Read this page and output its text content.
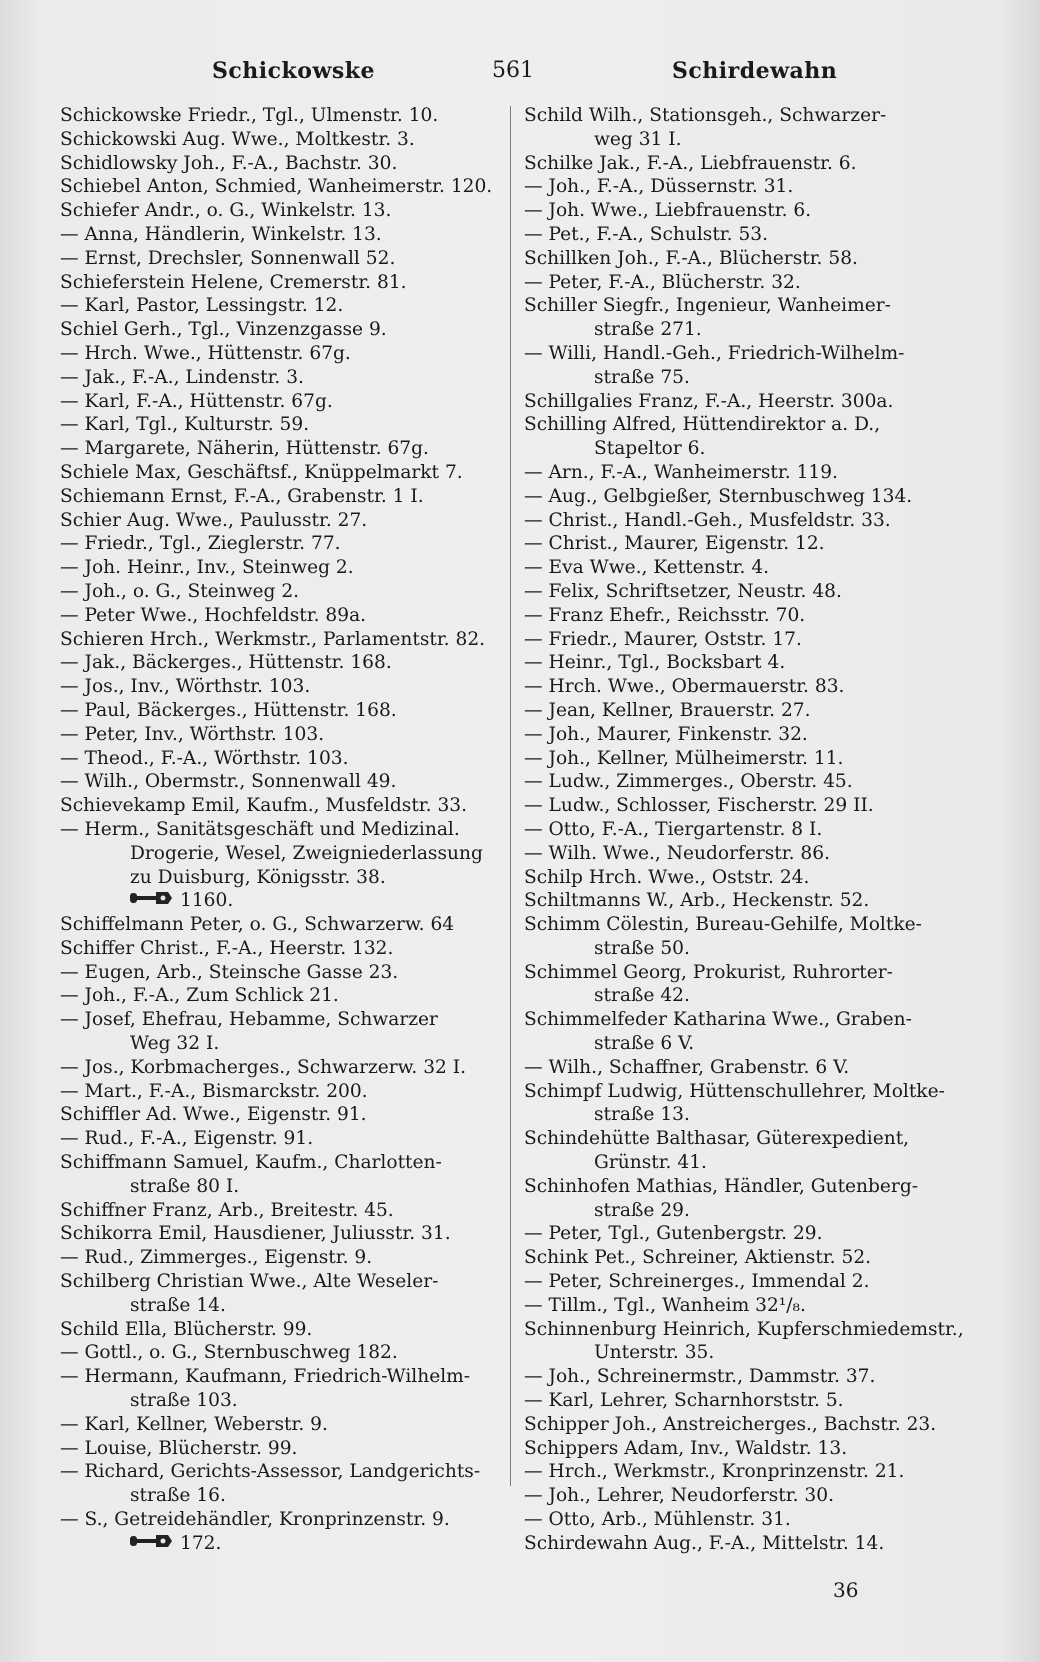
Schickowske	561	Schirdewahn
Schickowske Friedr., Tgl., Ulmenstr. 10.
Schickowski Aug. Wwe., Moltkestr. 3.
Schidlowsky Joh., F.-A., Bachstr. 30.
Schiebel Anton, Schmied, Wanheimerstr. 120.
Schiefer Andr., o. G., Winkelstr. 13.
— Anna, Händlerin, Winkelstr. 13.
— Ernst, Drechsler, Sonnenwall 52.
Schieferstein Helene, Cremerstr. 81.
— Karl, Pastor, Lessingstr. 12.
Schiel Gerh., Tgl., Vinzenzgasse 9.
— Hrch. Wwe., Hüttenstr. 67g.
— Jak., F.-A., Lindenstr. 3.
— Karl, F.-A., Hüttenstr. 67g.
— Karl, Tgl., Kulturstr. 59.
— Margarete, Näherin, Hüttenstr. 67g.
Schiele Max, Geschäftsf., Knüppelmarkt 7.
Schiemann Ernst, F.-A., Grabenstr. 1 I.
Schier Aug. Wwe., Paulusstr. 27.
— Friedr., Tgl., Zieglerstr. 77.
— Joh. Heinr., Inv., Steinweg 2.
— Joh., o. G., Steinweg 2.
— Peter Wwe., Hochfeldstr. 89a.
Schieren Hrch., Werkmstr., Parlamentstr. 82.
— Jak., Bäckerges., Hüttenstr. 168.
— Jos., Inv., Wörthstr. 103.
— Paul, Bäckerges., Hüttenstr. 168.
— Peter, Inv., Wörthstr. 103.
— Theod., F.-A., Wörthstr. 103.
— Wilh., Obermstr., Sonnenwall 49.
Schievekamp Emil, Kaufm., Musfeldstr. 33.
— Herm., Sanitätsgeschäft und Medizinal.
Drogerie, Wesel, Zweigniederlassung
zu Duisburg, Königsstr. 38.
1160.
Schiffelmann Peter, o. G., Schwarzerw. 64
Schiffer Christ., F.-A., Heerstr. 132.
— Eugen, Arb., Steinsche Gasse 23.
— Joh., F.-A., Zum Schlick 21.
— Josef, Ehefrau, Hebamme, Schwarzer
Weg 32 I.
— Jos., Korbmacherges., Schwarzerw. 32 I.
— Mart., F.-A., Bismarckstr. 200.
Schiffler Ad. Wwe., Eigenstr. 91.
— Rud., F.-A., Eigenstr. 91.
Schiffmann Samuel, Kaufm., Charlotten-
straße 80 I.
Schiffner Franz, Arb., Breitestr. 45.
Schikorra Emil, Hausdiener, Juliusstr. 31.
— Rud., Zimmerges., Eigenstr. 9.
Schilberg Christian Wwe., Alte Weseler-
straße 14.
Schild Ella, Blücherstr. 99.
— Gottl., o. G., Sternbuschweg 182.
— Hermann, Kaufmann, Friedrich-Wilhelm-
straße 103.
— Karl, Kellner, Weberstr. 9.
— Louise, Blücherstr. 99.
— Richard, Gerichts-Assessor, Landgerichts-
straße 16.
— S., Getreidehändler, Kronprinzenstr. 9.
172.
Schild Wilh., Stationsgeh., Schwarzer-
weg 31 I.
Schilke Jak., F.-A., Liebfrauenstr. 6.
— Joh., F.-A., Düssernstr. 31.
— Joh. Wwe., Liebfrauenstr. 6.
— Pet., F.-A., Schulstr. 53.
Schillken Joh., F.-A., Blücherstr. 58.
— Peter, F.-A., Blücherstr. 32.
Schiller Siegfr., Ingenieur, Wanheimer-
straße 271.
— Willi, Handl.-Geh., Friedrich-Wilhelm-
straße 75.
Schillgalies Franz, F.-A., Heerstr. 300a.
Schilling Alfred, Hüttendirektor a. D.,
Stapeltor 6.
— Arn., F.-A., Wanheimerstr. 119.
— Aug., Gelbgießer, Sternbuschweg 134.
— Christ., Handl.-Geh., Musfeldstr. 33.
— Christ., Maurer, Eigenstr. 12.
— Eva Wwe., Kettenstr. 4.
— Felix, Schriftsetzer, Neustr. 48.
— Franz Ehefr., Reichsstr. 70.
— Friedr., Maurer, Oststr. 17.
— Heinr., Tgl., Bocksbart 4.
— Hrch. Wwe., Obermauerstr. 83.
— Jean, Kellner, Brauerstr. 27.
— Joh., Maurer, Finkenstr. 32.
— Joh., Kellner, Mülheimerstr. 11.
— Ludw., Zimmerges., Oberstr. 45.
— Ludw., Schlosser, Fischerstr. 29 II.
— Otto, F.-A., Tiergartenstr. 8 I.
— Wilh. Wwe., Neudorferstr. 86.
Schilp Hrch. Wwe., Oststr. 24.
Schiltmanns W., Arb., Heckenstr. 52.
Schimm Cölestin, Bureau-Gehilfe, Moltke-
straße 50.
Schimmel Georg, Prokurist, Ruhrorter-
straße 42.
Schimmelfeder Katharina Wwe., Graben-
straße 6 V.
— Wilh., Schaffner, Grabenstr. 6 V.
Schimpf Ludwig, Hüttenschullehrer, Moltke-
straße 13.
Schindehütte Balthasar, Güterexpedient,
Grünstr. 41.
Schinhofen Mathias, Händler, Gutenberg-
straße 29.
— Peter, Tgl., Gutenbergstr. 29.
Schink Pet., Schreiner, Aktienstr. 52.
— Peter, Schreinerges., Immendal 2.
— Tillm., Tgl., Wanheim 32¹/₈.
Schinnenburg Heinrich, Kupferschmiedemstr.,
Unterstr. 35.
— Joh., Schreinermstr., Dammstr. 37.
— Karl, Lehrer, Scharnhorststr. 5.
Schipper Joh., Anstreicherges., Bachstr. 23.
Schippers Adam, Inv., Waldstr. 13.
— Hrch., Werkmstr., Kronprinzenstr. 21.
— Joh., Lehrer, Neudorferstr. 30.
— Otto, Arb., Mühlenstr. 31.
Schirdewahn Aug., F.-A., Mittelstr. 14.
36
